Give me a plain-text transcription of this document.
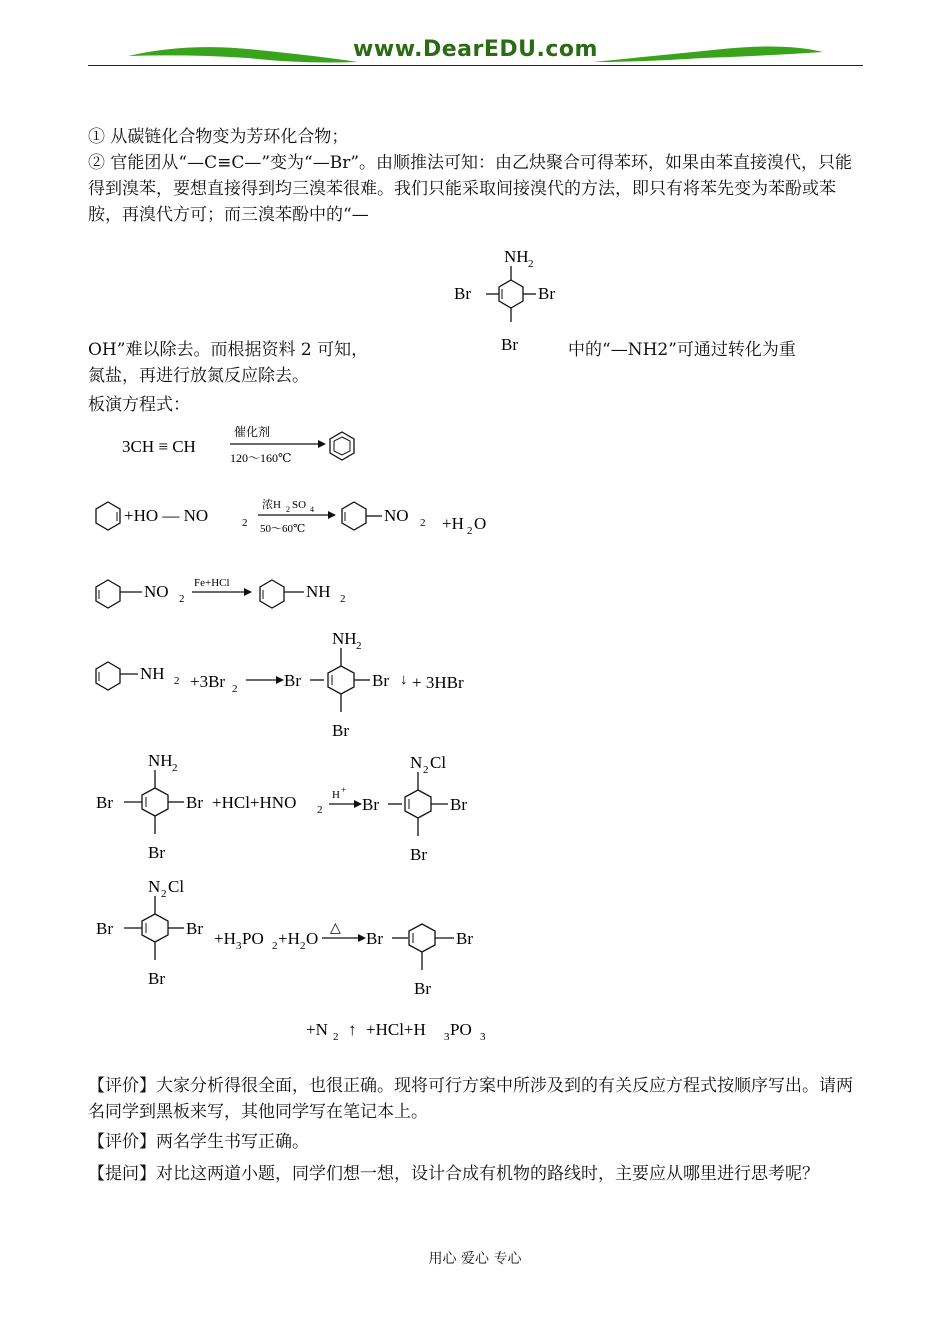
www.DearEDU.com
① 从碳链化合物变为芳环化合物；
② 官能团从“—C≡C—”变为“—Br”。由顺推法可知：由乙炔聚合可得苯环，如果由苯直接溴代，只能得到溴苯，要想直接得到均三溴苯很难。我们只能采取间接溴代的方法，即只有将苯先变为苯酚或苯胺，再溴代方可；而三溴苯酚中的“—
NH 2
Br	Br
Br
OH”难以除去。而根据资料 2 可知，	中的“—NH2”可通过转化为重
氮盐，再进行放氮反应除去。
板演方程式：
3CH ≡ CH
催化剂
120～160℃
+HO — NO	2
浓H 2 SO 4
50～60℃
NO 2 +H 2 O
NO 2
Fe+HCl	NH 2
NH 2 +3Br 2	Br
NH 2
Br ↓ + 3HBr
Br
NH 2
Br	Br
Br
+HCl+HNO 2
H +
Br
N 2 Cl
Br
Br
N 2 Cl
Br	Br
Br
+H 3 PO 2 +H 2 O
△
Br	Br
Br
+N 2 ↑ +HCl+H 3 PO 3
【评价】大家分析得很全面，也很正确。现将可行方案中所涉及到的有关反应方程式按顺序写出。请两名同学到黑板来写，其他同学写在笔记本上。
【评价】两名学生书写正确。
【提问】对比这两道小题，同学们想一想，设计合成有机物的路线时，主要应从哪里进行思考呢？
用心 爱心 专心
